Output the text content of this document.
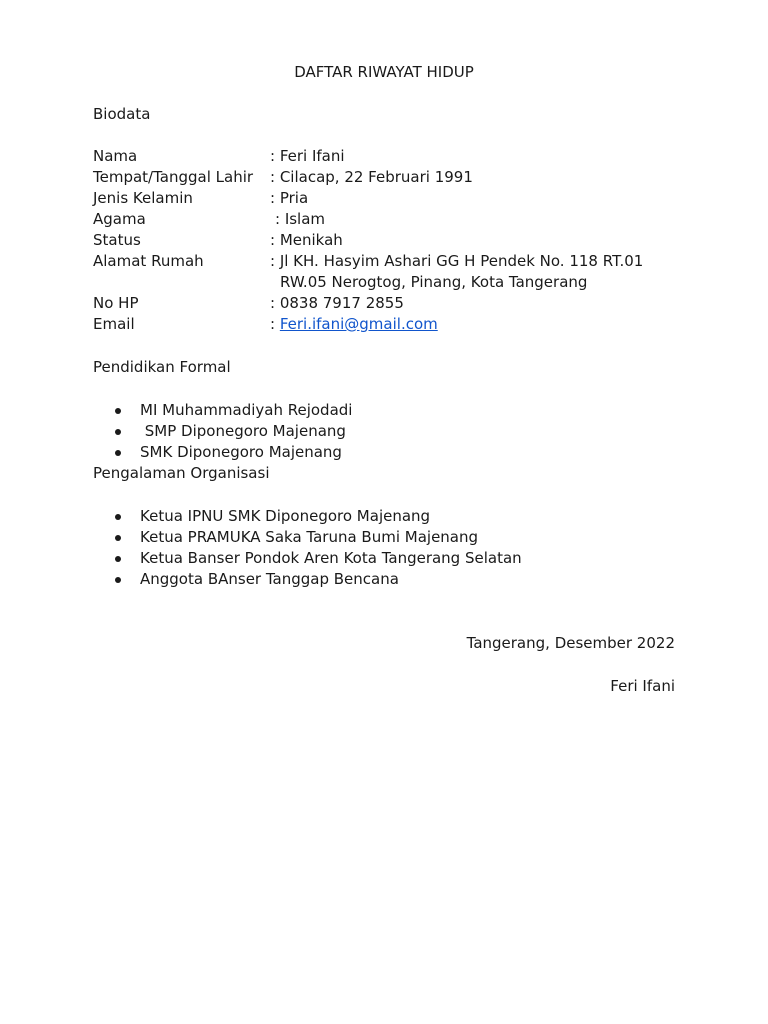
DAFTAR RIWAYAT HIDUP
Biodata
Nama	: Feri Ifani
Tempat/Tanggal Lahir : Cilacap, 22 Februari 1991
Jenis Kelamin	: Pria
Agama	: Islam
Status	: Menikah
Alamat Rumah	: Jl KH. Hasyim Ashari GG H Pendek No. 118 RT.01
RW.05 Nerogtog, Pinang, Kota Tangerang
No HP	: 0838 7917 2855
Email	: Feri.ifani@gmail.com
Pendidikan Formal
MI Muhammadiyah Rejodadi
SMP Diponegoro Majenang
SMK Diponegoro Majenang
Pengalaman Organisasi
Ketua IPNU SMK Diponegoro Majenang
Ketua PRAMUKA Saka Taruna Bumi Majenang
Ketua Banser Pondok Aren Kota Tangerang Selatan
Anggota BAnser Tanggap Bencana
Tangerang, Desember 2022
Feri Ifani
